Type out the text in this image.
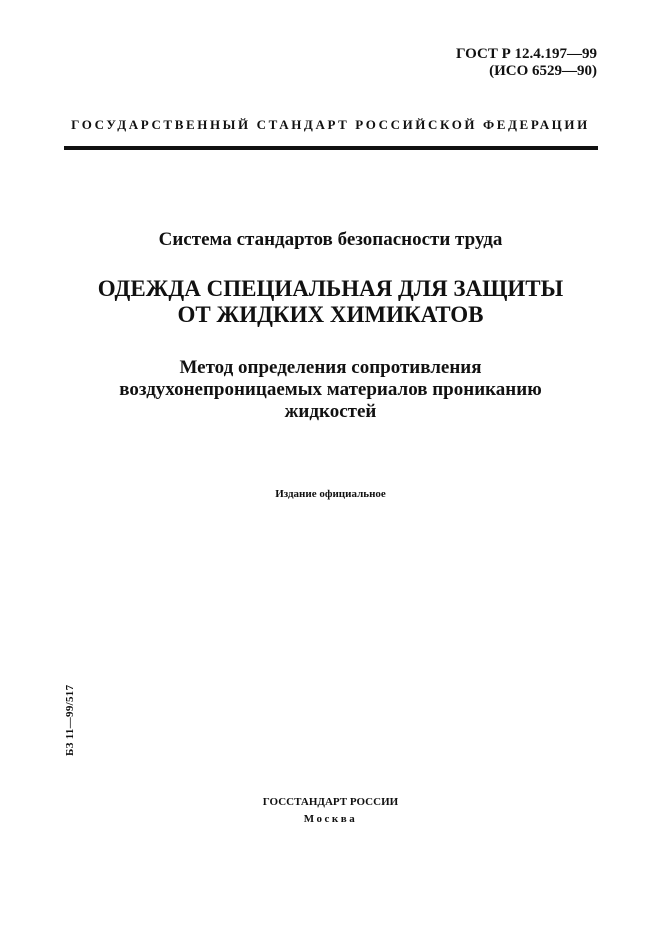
ГОСТ Р 12.4.197—99
(ИСО 6529—90)
ГОСУДАРСТВЕННЫЙ СТАНДАРТ РОССИЙСКОЙ ФЕДЕРАЦИИ
Система стандартов безопасности труда
ОДЕЖДА СПЕЦИАЛЬНАЯ ДЛЯ ЗАЩИТЫ
ОТ ЖИДКИХ ХИМИКАТОВ
Метод определения сопротивления
воздухонепроницаемых материалов прониканию
жидкостей
Издание официальное
БЗ 11—99/517
ГОССТАНДАРТ РОССИИ
Москва
